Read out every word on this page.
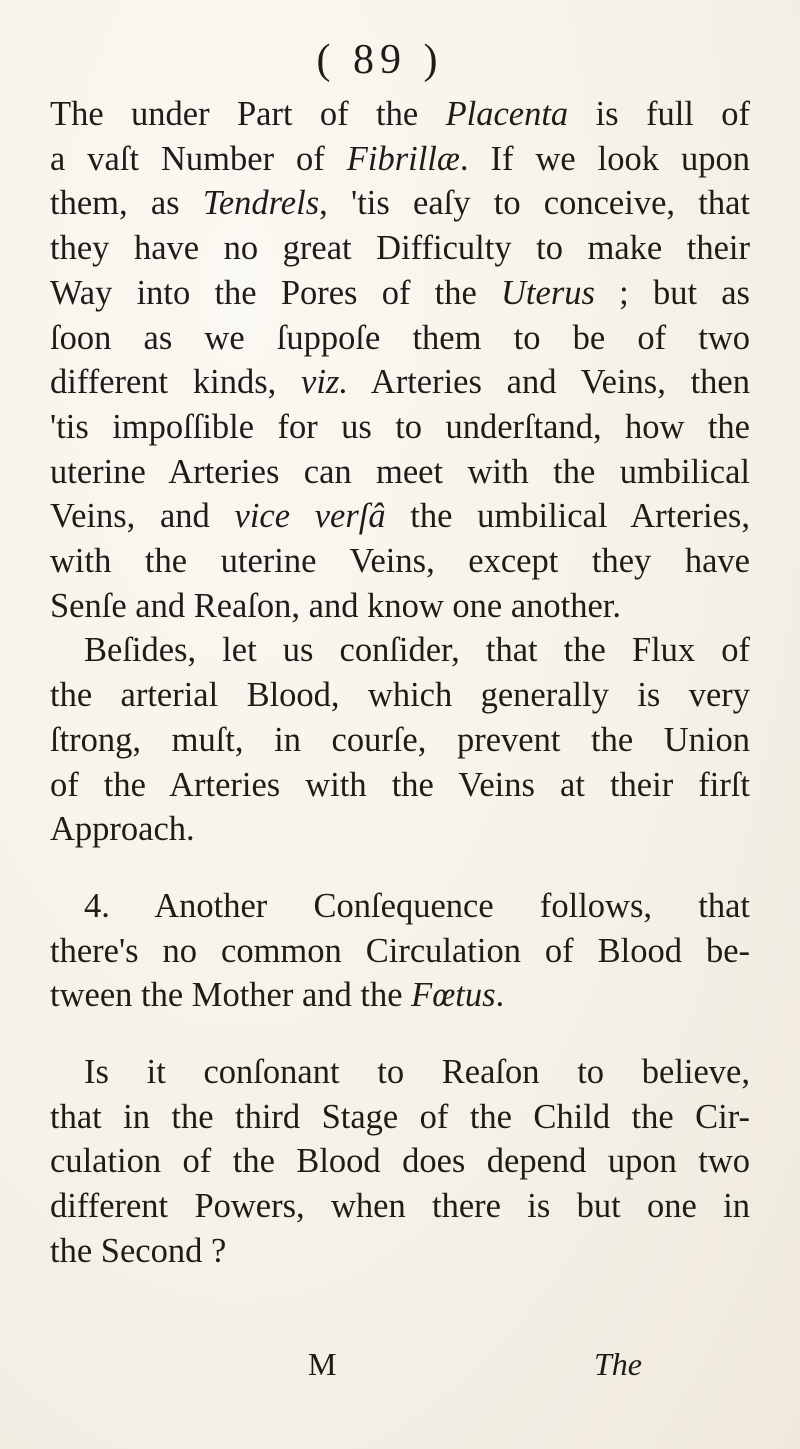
( 89 )

The under Part of the Placenta is full of
a vaſt Number of Fibrillæ. If we look upon
them, as Tendrels, 'tis eaſy to conceive, that
they have no great Difficulty to make their
Way into the Pores of the Uterus ; but as
ſoon as we ſuppoſe them to be of two
different kinds, viz. Arteries and Veins, then
'tis impoſſible for us to underſtand, how the
uterine Arteries can meet with the umbilical
Veins, and vice verſâ the umbilical Arteries,
with the uterine Veins, except they have
Senſe and Reaſon, and know one another.

Beſides, let us conſider, that the Flux of
the arterial Blood, which generally is very
ſtrong, muſt, in courſe, prevent the Union
of the Arteries with the Veins at their firſt
Approach.

4. Another Conſequence follows, that
there's no common Circulation of Blood be-
tween the Mother and the Fœtus.

Is it conſonant to Reaſon to believe,
that in the third Stage of the Child the Cir-
culation of the Blood does depend upon two
different Powers, when there is but one in
the Second ?

M	The
